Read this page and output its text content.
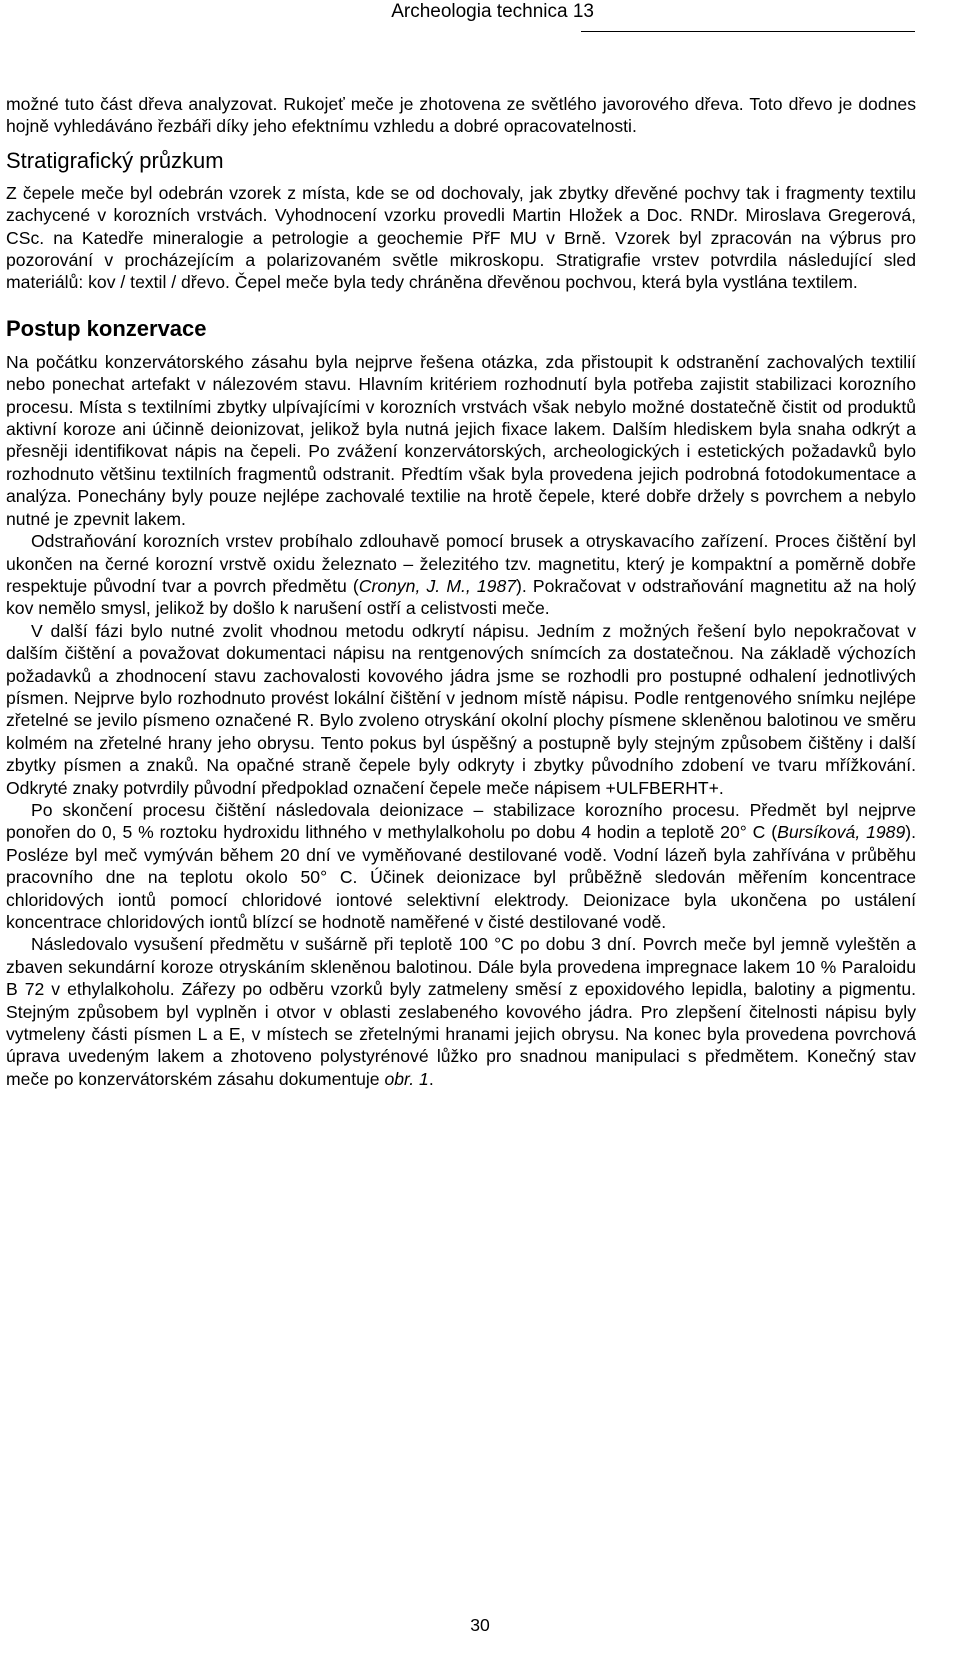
Archeologia technica 13

možné tuto část dřeva analyzovat. Rukojeť meče je zhotovena ze světlého javorového dřeva. Toto dřevo je dodnes hojně vyhledáváno řezbáři díky jeho efektnímu vzhledu a dobré opracovatelnosti.

Stratigrafický průzkum

Z čepele meče byl odebrán vzorek z místa, kde se od dochovaly, jak zbytky dřevěné pochvy tak i fragmenty textilu zachycené v korozních vrstvách. Vyhodnocení vzorku provedli Martin Hložek a Doc. RNDr. Miroslava Gregerová, CSc. na Katedře mineralogie a petrologie a geochemie PřF MU v Brně. Vzorek byl zpracován na výbrus pro pozorování v procházejícím a polarizovaném světle mikroskopu. Stratigrafie vrstev potvrdila následující sled materiálů: kov / textil / dřevo. Čepel meče byla tedy chráněna dřevěnou pochvou, která byla vystlána textilem.

Postup konzervace

Na počátku konzervátorského zásahu byla nejprve řešena otázka, zda přistoupit k odstranění zachovalých textilií nebo ponechat artefakt v nálezovém stavu. Hlavním kritériem rozhodnutí byla potřeba zajistit stabilizaci korozního procesu. Místa s textilními zbytky ulpívajícími v korozních vrstvách však nebylo možné dostatečně čistit od produktů aktivní koroze ani účinně deionizovat, jelikož byla nutná jejich fixace lakem. Dalším hlediskem byla snaha odkrýt a přesněji identifikovat nápis na čepeli. Po zvážení konzervátorských, archeologických i estetických požadavků bylo rozhodnuto většinu textilních fragmentů odstranit. Předtím však byla provedena jejich podrobná fotodokumentace a analýza. Ponechány byly pouze nejlépe zachovalé textilie na hrotě čepele, které dobře držely s povrchem a nebylo nutné je zpevnit lakem.

Odstraňování korozních vrstev probíhalo zdlouhavě pomocí brusek a otryskavacího zařízení. Proces čištění byl ukončen na černé korozní vrstvě oxidu železnato – železitého tzv. magnetitu, který je kompaktní a poměrně dobře respektuje původní tvar a povrch předmětu (Cronyn, J. M., 1987). Pokračovat v odstraňování magnetitu až na holý kov nemělo smysl, jelikož by došlo k narušení ostří a celistvosti meče.

V další fázi bylo nutné zvolit vhodnou metodu odkrytí nápisu. Jedním z možných řešení bylo nepokračovat v dalším čištění a považovat dokumentaci nápisu na rentgenových snímcích za dostatečnou. Na základě výchozích požadavků a zhodnocení stavu zachovalosti kovového jádra jsme se rozhodli pro postupné odhalení jednotlivých písmen. Nejprve bylo rozhodnuto provést lokální čištění v jednom místě nápisu. Podle rentgenového snímku nejlépe zřetelné se jevilo písmeno označené R. Bylo zvoleno otryskání okolní plochy písmene skleněnou balotinou ve směru kolmém na zřetelné hrany jeho obrysu. Tento pokus byl úspěšný a postupně byly stejným způsobem čištěny i další zbytky písmen a znaků. Na opačné straně čepele byly odkryty i zbytky původního zdobení ve tvaru mřížkování. Odkryté znaky potvrdily původní předpoklad označení čepele meče nápisem +ULFBERHT+.

Po skončení procesu čištění následovala deionizace – stabilizace korozního procesu. Předmět byl nejprve ponořen do 0, 5 % roztoku hydroxidu lithného v methylalkoholu po dobu 4 hodin a teplotě 20° C (Bursíková, 1989). Posléze byl meč vymýván během 20 dní ve vyměňované destilované vodě. Vodní lázeň byla zahřívána v průběhu pracovního dne na teplotu okolo 50° C. Účinek deionizace byl průběžně sledován měřením koncentrace chloridových iontů pomocí chloridové iontové selektivní elektrody. Deionizace byla ukončena po ustálení koncentrace chloridových iontů blízcí se hodnotě naměřené v čisté destilované vodě.

Následovalo vysušení předmětu v sušárně při teplotě 100 °C po dobu 3 dní. Povrch meče byl jemně vyleštěn a zbaven sekundární koroze otryskáním skleněnou balotinou. Dále byla provedena impregnace lakem 10 % Paraloidu B 72 v ethylalkoholu. Zářezy po odběru vzorků byly zatmeleny směsí z epoxidového lepidla, balotiny a pigmentu. Stejným způsobem byl vyplněn i otvor v oblasti zeslabeného kovového jádra. Pro zlepšení čitelnosti nápisu byly vytmeleny části písmen L a E, v místech se zřetelnými hranami jejich obrysu. Na konec byla provedena povrchová úprava uvedeným lakem a zhotoveno polystyrénové lůžko pro snadnou manipulaci s předmětem. Konečný stav meče po konzervátorském zásahu dokumentuje obr. 1.

30
